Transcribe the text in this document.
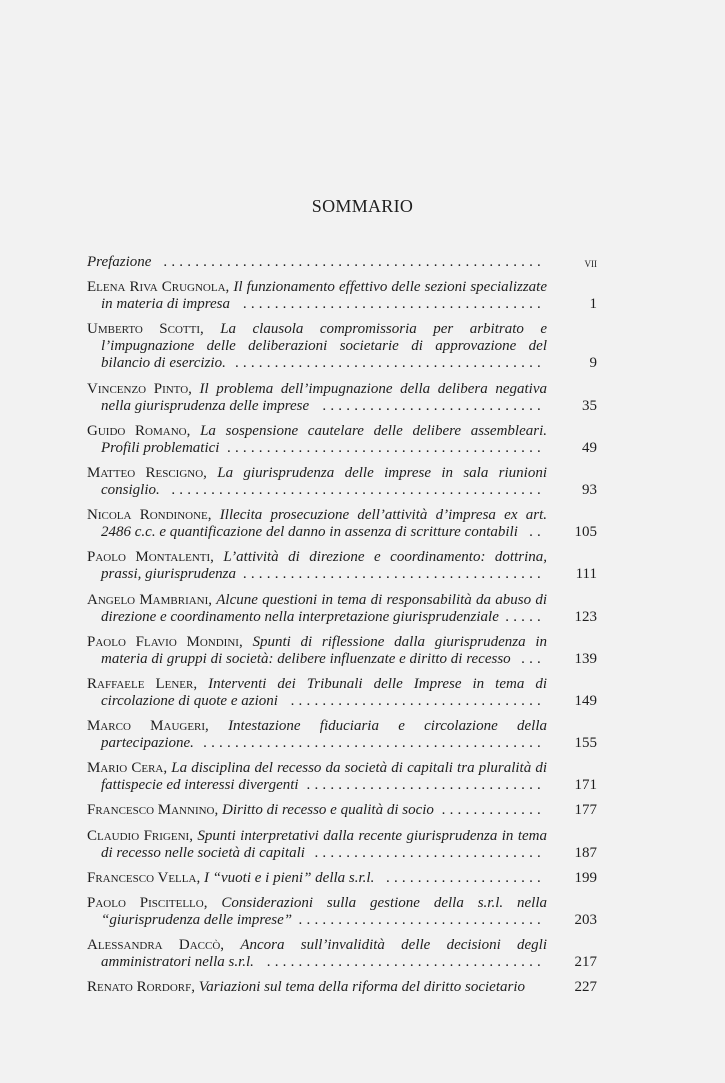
SOMMARIO
Prefazione	vii
................................................
Elena Riva Crugnola, Il funzionamento effettivo delle sezioni specializzate in materia di impresa	1
......................................
Umberto Scotti, La clausola compromissoria per arbitrato e l’impugnazione delle deliberazioni societarie di approvazione del bilancio di esercizio.	9
.......................................
Vincenzo Pinto, Il problema dell’impugnazione della delibera negativa nella giurisprudenza delle imprese	35
............................
Guido Romano, La sospensione cautelare delle delibere assembleari. Profili problematici	49
........................................
Matteo Rescigno, La giurisprudenza delle imprese in sala riunioni consiglio.	93
...............................................
Nicola Rondinone, Illecita prosecuzione dell’attività d’impresa ex art. 2486 c.c. e quantificazione del danno in assenza di scritture contabili	105
..
Paolo Montalenti, L’attività di direzione e coordinamento: dottrina, prassi, giurisprudenza	111
......................................
Angelo Mambriani, Alcune questioni in tema di responsabilità da abuso di direzione e coordinamento nella interpretazione giurisprudenziale	123
.....
Paolo Flavio Mondini, Spunti di riflessione dalla giurisprudenza in materia di gruppi di società: delibere influenzate e diritto di recesso	139
...
Raffaele Lener, Interventi dei Tribunali delle Imprese in tema di circolazione di quote e azioni	149
................................
Marco Maugeri, Intestazione fiduciaria e circolazione della partecipazione.	155
...........................................
Mario Cera, La disciplina del recesso da società di capitali tra pluralità di fattispecie ed interessi divergenti	171
..............................
Francesco Mannino, Diritto di recesso e qualità di socio	177
.............
Claudio Frigeni, Spunti interpretativi dalla recente giurisprudenza in tema di recesso nelle società di capitali	187
.............................
Francesco Vella, I “vuoti e i pieni” della s.r.l.	199
....................
Paolo Piscitello, Considerazioni sulla gestione della s.r.l. nella “giurisprudenza delle imprese”	203
...............................
Alessandra Daccò, Ancora sull’invalidità delle decisioni degli amministratori nella s.r.l.	217
...................................
Renato Rordorf, Variazioni sul tema della riforma del diritto societario	227
